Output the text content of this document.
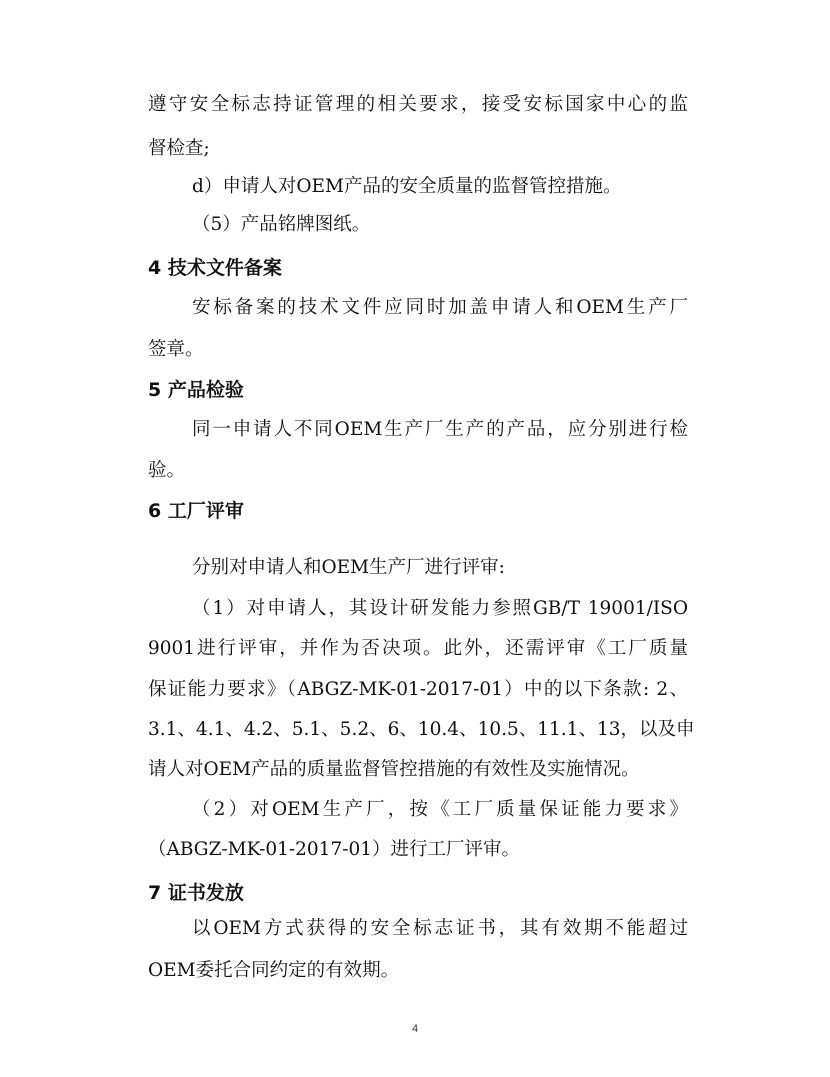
遵守安全标志持证管理的相关要求，接受安标国家中心的监
督检查;
d）申请人对OEM产品的安全质量的监督管控措施。
（5）产品铭牌图纸。
4 技术文件备案
安标备案的技术文件应同时加盖申请人和OEM生产厂
签章。
5 产品检验
同一申请人不同OEM生产厂生产的产品，应分别进行检
验。
6 工厂评审
分别对申请人和OEM生产厂进行评审:
（1）对申请人，其设计研发能力参照GB/T 19001/ISO
9001进行评审，并作为否决项。此外，还需评审《工厂质量
保证能力要求》（ABGZ-MK-01-2017-01）中的以下条款: 2、
3.1、4.1、4.2、5.1、5.2、6、10.4、10.5、11.1、13，以及申
请人对OEM产品的质量监督管控措施的有效性及实施情况。
（2）对OEM生产厂，按《工厂质量保证能力要求》
（ABGZ-MK-01-2017-01）进行工厂评审。
7 证书发放
以OEM方式获得的安全标志证书，其有效期不能超过
OEM委托合同约定的有效期。
4
